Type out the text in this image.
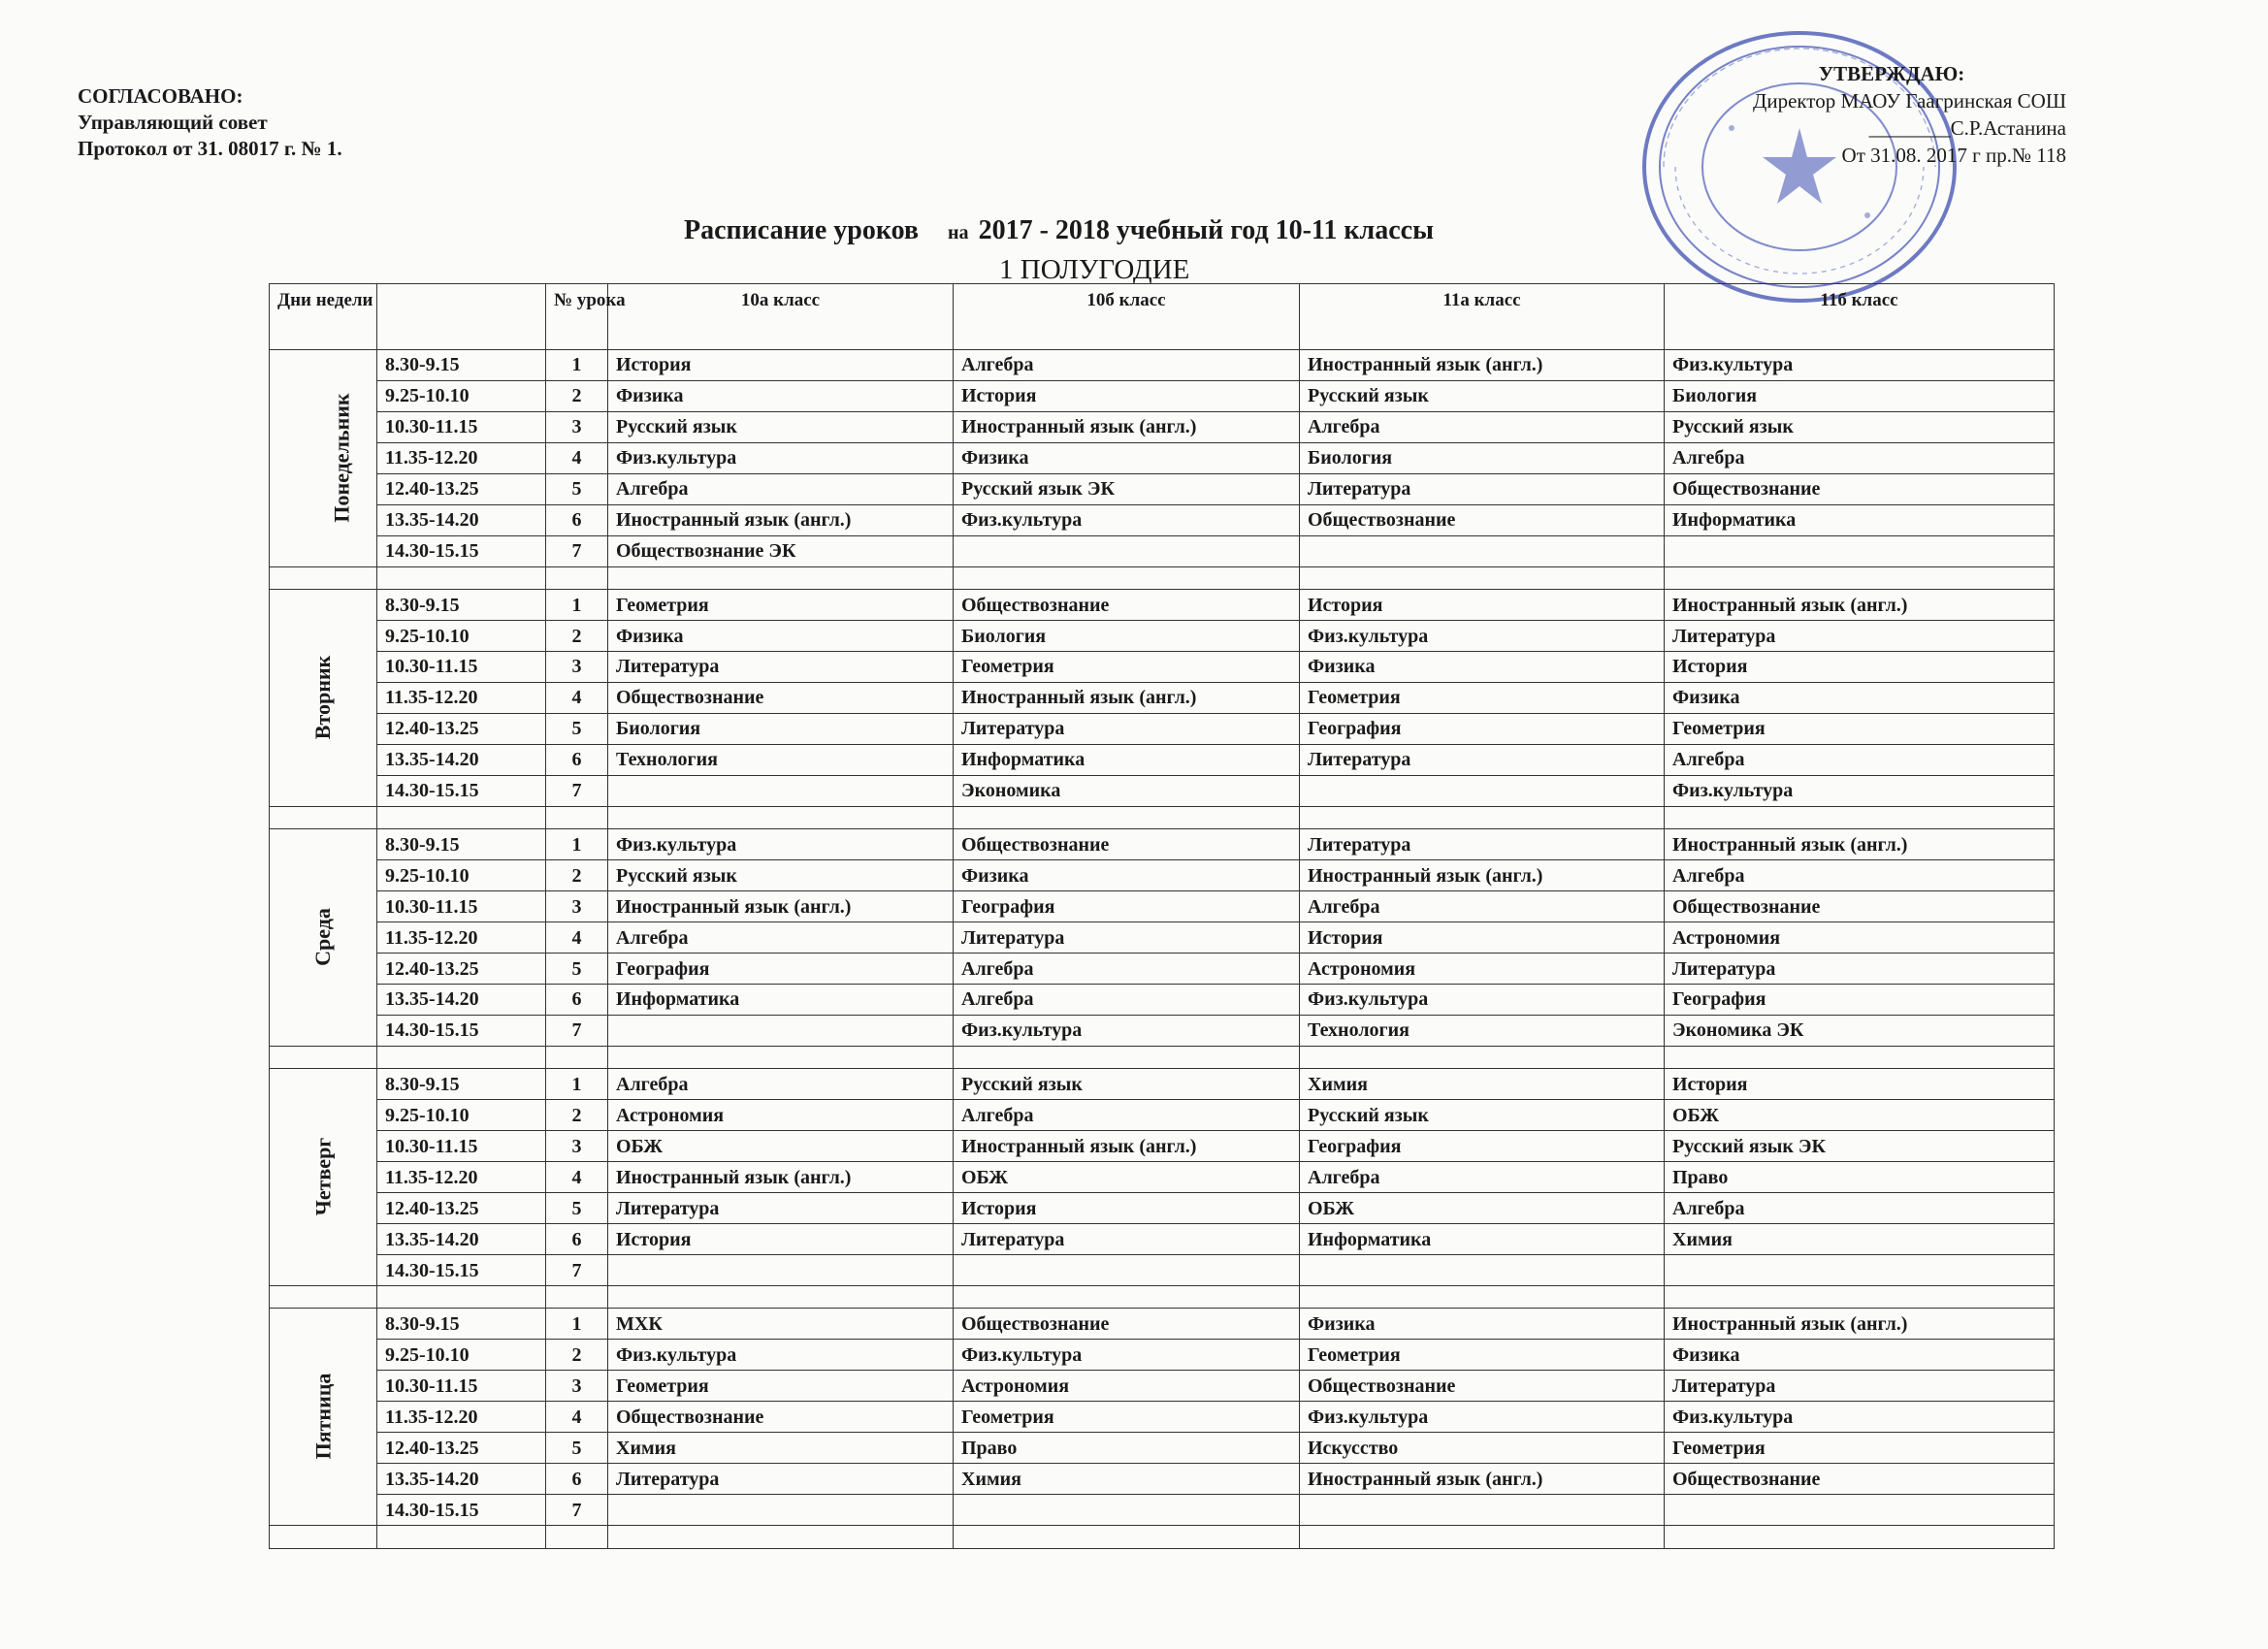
СОГЛАСОВАНО:
Управляющий совет
Протокол от 31. 08017 г. № 1.
УТВЕРЖДАЮ:
Директор МАОУ Гаагринская СОШ
________С.Р.Астанина
От 31.08. 2017 г пр.№ 118
Расписание уроков на 2017 - 2018 учебный год 10-11 классы
1 ПОЛУГОДИЕ
Дни недели		№ урока	10а класс	10б класс	11а класс	11б класс
Понедельник	8.30-9.15	1	История	Алгебра	Иностранный язык (англ.)	Физ.культура
	9.25-10.10	2	Физика	История	Русский язык	Биология
	10.30-11.15	3	Русский язык	Иностранный язык (англ.)	Алгебра	Русский язык
	11.35-12.20	4	Физ.культура	Физика	Биология	Алгебра
	12.40-13.25	5	Алгебра	Русский язык ЭК	Литература	Обществознание
	13.35-14.20	6	Иностранный язык (англ.)	Физ.культура	Обществознание	Информатика
	14.30-15.15	7	Обществознание ЭК			

Вторник	8.30-9.15	1	Геометрия	Обществознание	История	Иностранный язык (англ.)
	9.25-10.10	2	Физика	Биология	Физ.культура	Литература
	10.30-11.15	3	Литература	Геометрия	Физика	История
	11.35-12.20	4	Обществознание	Иностранный язык (англ.)	Геометрия	Физика
	12.40-13.25	5	Биология	Литература	География	Геометрия
	13.35-14.20	6	Технология	Информатика	Литература	Алгебра
	14.30-15.15	7		Экономика		Физ.культура

Среда	8.30-9.15	1	Физ.культура	Обществознание	Литература	Иностранный язык (англ.)
	9.25-10.10	2	Русский язык	Физика	Иностранный язык (англ.)	Алгебра
	10.30-11.15	3	Иностранный язык (англ.)	География	Алгебра	Обществознание
	11.35-12.20	4	Алгебра	Литература	История	Астрономия
	12.40-13.25	5	География	Алгебра	Астрономия	Литература
	13.35-14.20	6	Информатика	Алгебра	Физ.культура	География
	14.30-15.15	7		Физ.культура	Технология	Экономика ЭК

Четверг	8.30-9.15	1	Алгебра	Русский язык	Химия	История
	9.25-10.10	2	Астрономия	Алгебра	Русский язык	ОБЖ
	10.30-11.15	3	ОБЖ	Иностранный язык (англ.)	География	Русский язык ЭК
	11.35-12.20	4	Иностранный язык (англ.)	ОБЖ	Алгебра	Право
	12.40-13.25	5	Литература	История	ОБЖ	Алгебра
	13.35-14.20	6	История	Литература	Информатика	Химия
	14.30-15.15	7				

Пятница	8.30-9.15	1	МХК	Обществознание	Физика	Иностранный язык (англ.)
	9.25-10.10	2	Физ.культура	Физ.культура	Геометрия	Физика
	10.30-11.15	3	Геометрия	Астрономия	Обществознание	Литература
	11.35-12.20	4	Обществознание	Геометрия	Физ.культура	Физ.культура
	12.40-13.25	5	Химия	Право	Искусство	Геометрия
	13.35-14.20	6	Литература	Химия	Иностранный язык (англ.)	Обществознание
	14.30-15.15	7				
